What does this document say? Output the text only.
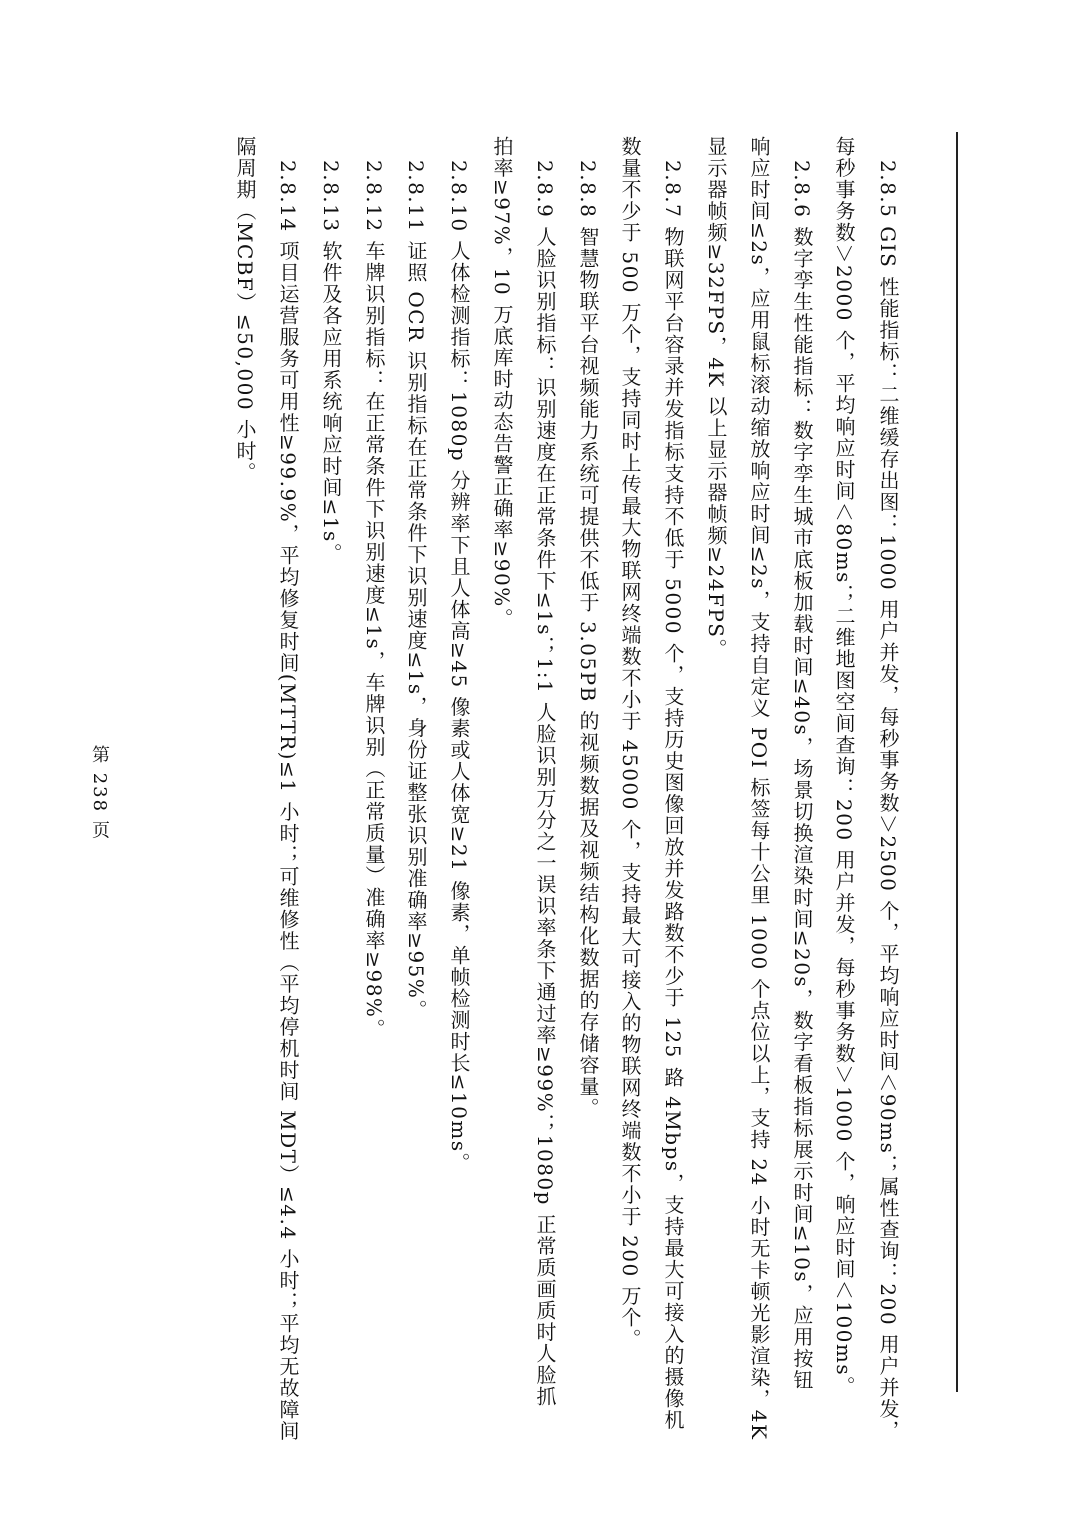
2.8.5 GIS 性能指标：二维缓存出图：1000 用户并发，每秒事务数＞2500 个，平均响应时间＜90ms；属性查询：200 用户并发，
每秒事务数＞2000 个，平均响应时间＜80ms；二维地图空间查询：200 用户并发，每秒事务数＞1000 个，响应时间＜100ms。
2.8.6 数字孪生性能指标：数字孪生城市底板加载时间≤40s，场景切换渲染时间≤20s，数字看板指标展示时间≤10s，应用按钮
响应时间≤2s，应用鼠标滚动缩放响应时间≤2s，支持自定义 POI 标签每十公里 1000 个点位以上，支持 24 小时无卡顿光影渲染，4K
显示器帧频≥32FPS，4K 以上显示器帧频≥24FPS。
2.8.7 物联网平台容录并发指标支持不低于 5000 个，支持历史图像回放并发路数不少于 125 路 4Mbps，支持最大可接入的摄像机
数量不少于 500 万个，支持同时上传最大物联网终端数不小于 45000 个，支持最大可接入的物联网终端数不小于 200 万个。
2.8.8 智慧物联平台视频能力系统可提供不低于 3.05PB 的视频数据及视频结构化数据的存储容量。
2.8.9 人脸识别指标：识别速度在正常条件下≤1s；1:1 人脸识别万分之一误识率条下通过率≥99%；1080p 正常质画质时人脸抓
拍率≥97%，10 万底库时动态告警正确率≥90%。
2.8.10 人体检测指标：1080p 分辨率下且人体高≥45 像素或人体宽≥21 像素，单帧检测时长≤10ms。
2.8.11 证照 OCR 识别指标在正常条件下识别速度≤1s，身份证整张识别准确率≥95%。
2.8.12 车牌识别指标：在正常条件下识别速度≤1s，车牌识别（正常质量）准确率≥98%。
2.8.13 软件及各应用系统响应时间≤1s。
2.8.14 项目运营服务可用性≥99.9%，平均修复时间(MTTR)≤1 小时；可维修性（平均停机时间 MDT）≤4.4 小时；平均无故障间
隔周期（MCBF）≤50,000 小时。
第 238 页
